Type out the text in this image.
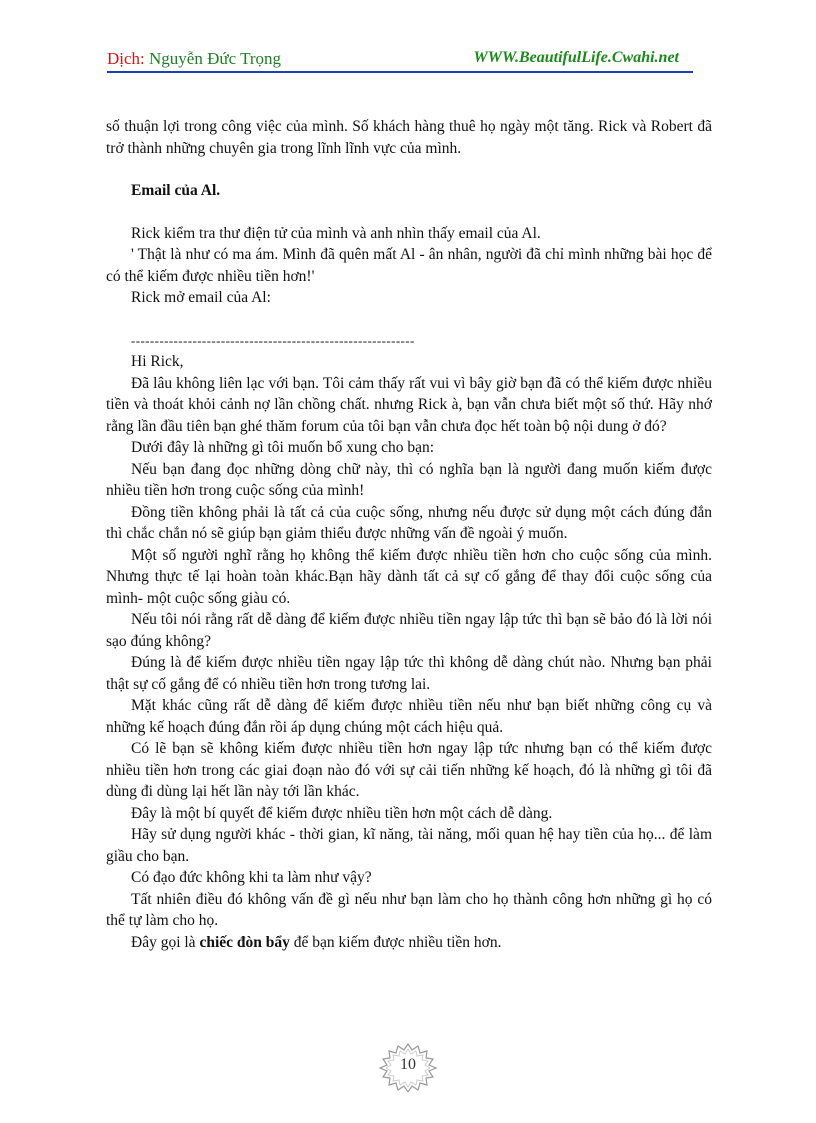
Dịch: Nguyễn Đức Trọng	WWW.BeautifulLife.Cwahi.net

số thuận lợi trong công việc của mình. Số khách hàng thuê họ ngày một tăng. Rick và Robert đã trở thành những chuyên gia trong lĩnh lĩnh vực của mình.

Email của Al.

Rick kiểm tra thư điện tử của mình và anh nhìn thấy email của Al.

' Thật là như có ma ám. Mình đã quên mất Al - ân nhân, người đã chỉ mình những bài học để có thể kiếm được nhiều tiền hơn!'

Rick mở email của Al:

------------------------------------------------------------

Hi Rick,

Đã lâu không liên lạc với bạn. Tôi cảm thấy rất vui vì bây giờ bạn đã có thể kiếm được nhiều tiền và thoát khỏi cảnh nợ lần chồng chất. nhưng Rick à, bạn vẫn chưa biết một số thứ. Hãy nhớ rằng lần đầu tiên bạn ghé thăm forum của tôi bạn vẫn chưa đọc hết toàn bộ nội dung ở đó?

Dưới đây là những gì tôi muốn bổ xung cho bạn:

Nếu bạn đang đọc những dòng chữ này, thì có nghĩa bạn là người đang muốn kiếm được nhiều tiền hơn trong cuộc sống của mình!

Đồng tiền không phải là tất cả của cuộc sống, nhưng nếu được sử dụng một cách đúng đắn thì chắc chắn nó sẽ giúp bạn giảm thiểu được những vấn đề ngoài ý muốn.

Một số người nghĩ rằng họ không thể kiếm được nhiều tiền hơn cho cuộc sống của mình. Nhưng thực tế lại hoàn toàn khác.Bạn hãy dành tất cả sự cố gắng để thay đổi cuộc sống của mình- một cuộc sống giàu có.

Nếu tôi nói rằng rất dễ dàng để kiếm được nhiều tiền ngay lập tức thì bạn sẽ bảo đó là lời nói sạo đúng không?

Đúng là để kiếm được nhiều tiền ngay lập tức thì không dễ dàng chút nào. Nhưng bạn phải thật sự cố gắng để có nhiều tiền hơn trong tương lai.

Mặt khác cũng rất dễ dàng để kiếm được nhiều tiền nếu như bạn biết những công cụ và những kế hoạch đúng đắn rồi áp dụng chúng một cách hiệu quả.

Có lẽ bạn sẽ không kiếm được nhiều tiền hơn ngay lập tức nhưng bạn có thể kiếm được nhiều tiền hơn trong các giai đoạn nào đó với sự cải tiến những kế hoạch, đó là những gì tôi đã dùng đi dùng lại hết lần này tới lần khác.

Đây là một bí quyết để kiếm được nhiều tiền hơn một cách dễ dàng.

Hãy sử dụng người khác - thời gian, kĩ năng, tài năng, mối quan hệ hay tiền của họ... để làm giầu cho bạn.

Có đạo đức không khi ta làm như vậy?

Tất nhiên điều đó không vấn đề gì nếu như bạn làm cho họ thành công hơn những gì họ có thể tự làm cho họ.

Đây gọi là chiếc đòn bẩy để bạn kiếm được nhiều tiền hơn.

10
